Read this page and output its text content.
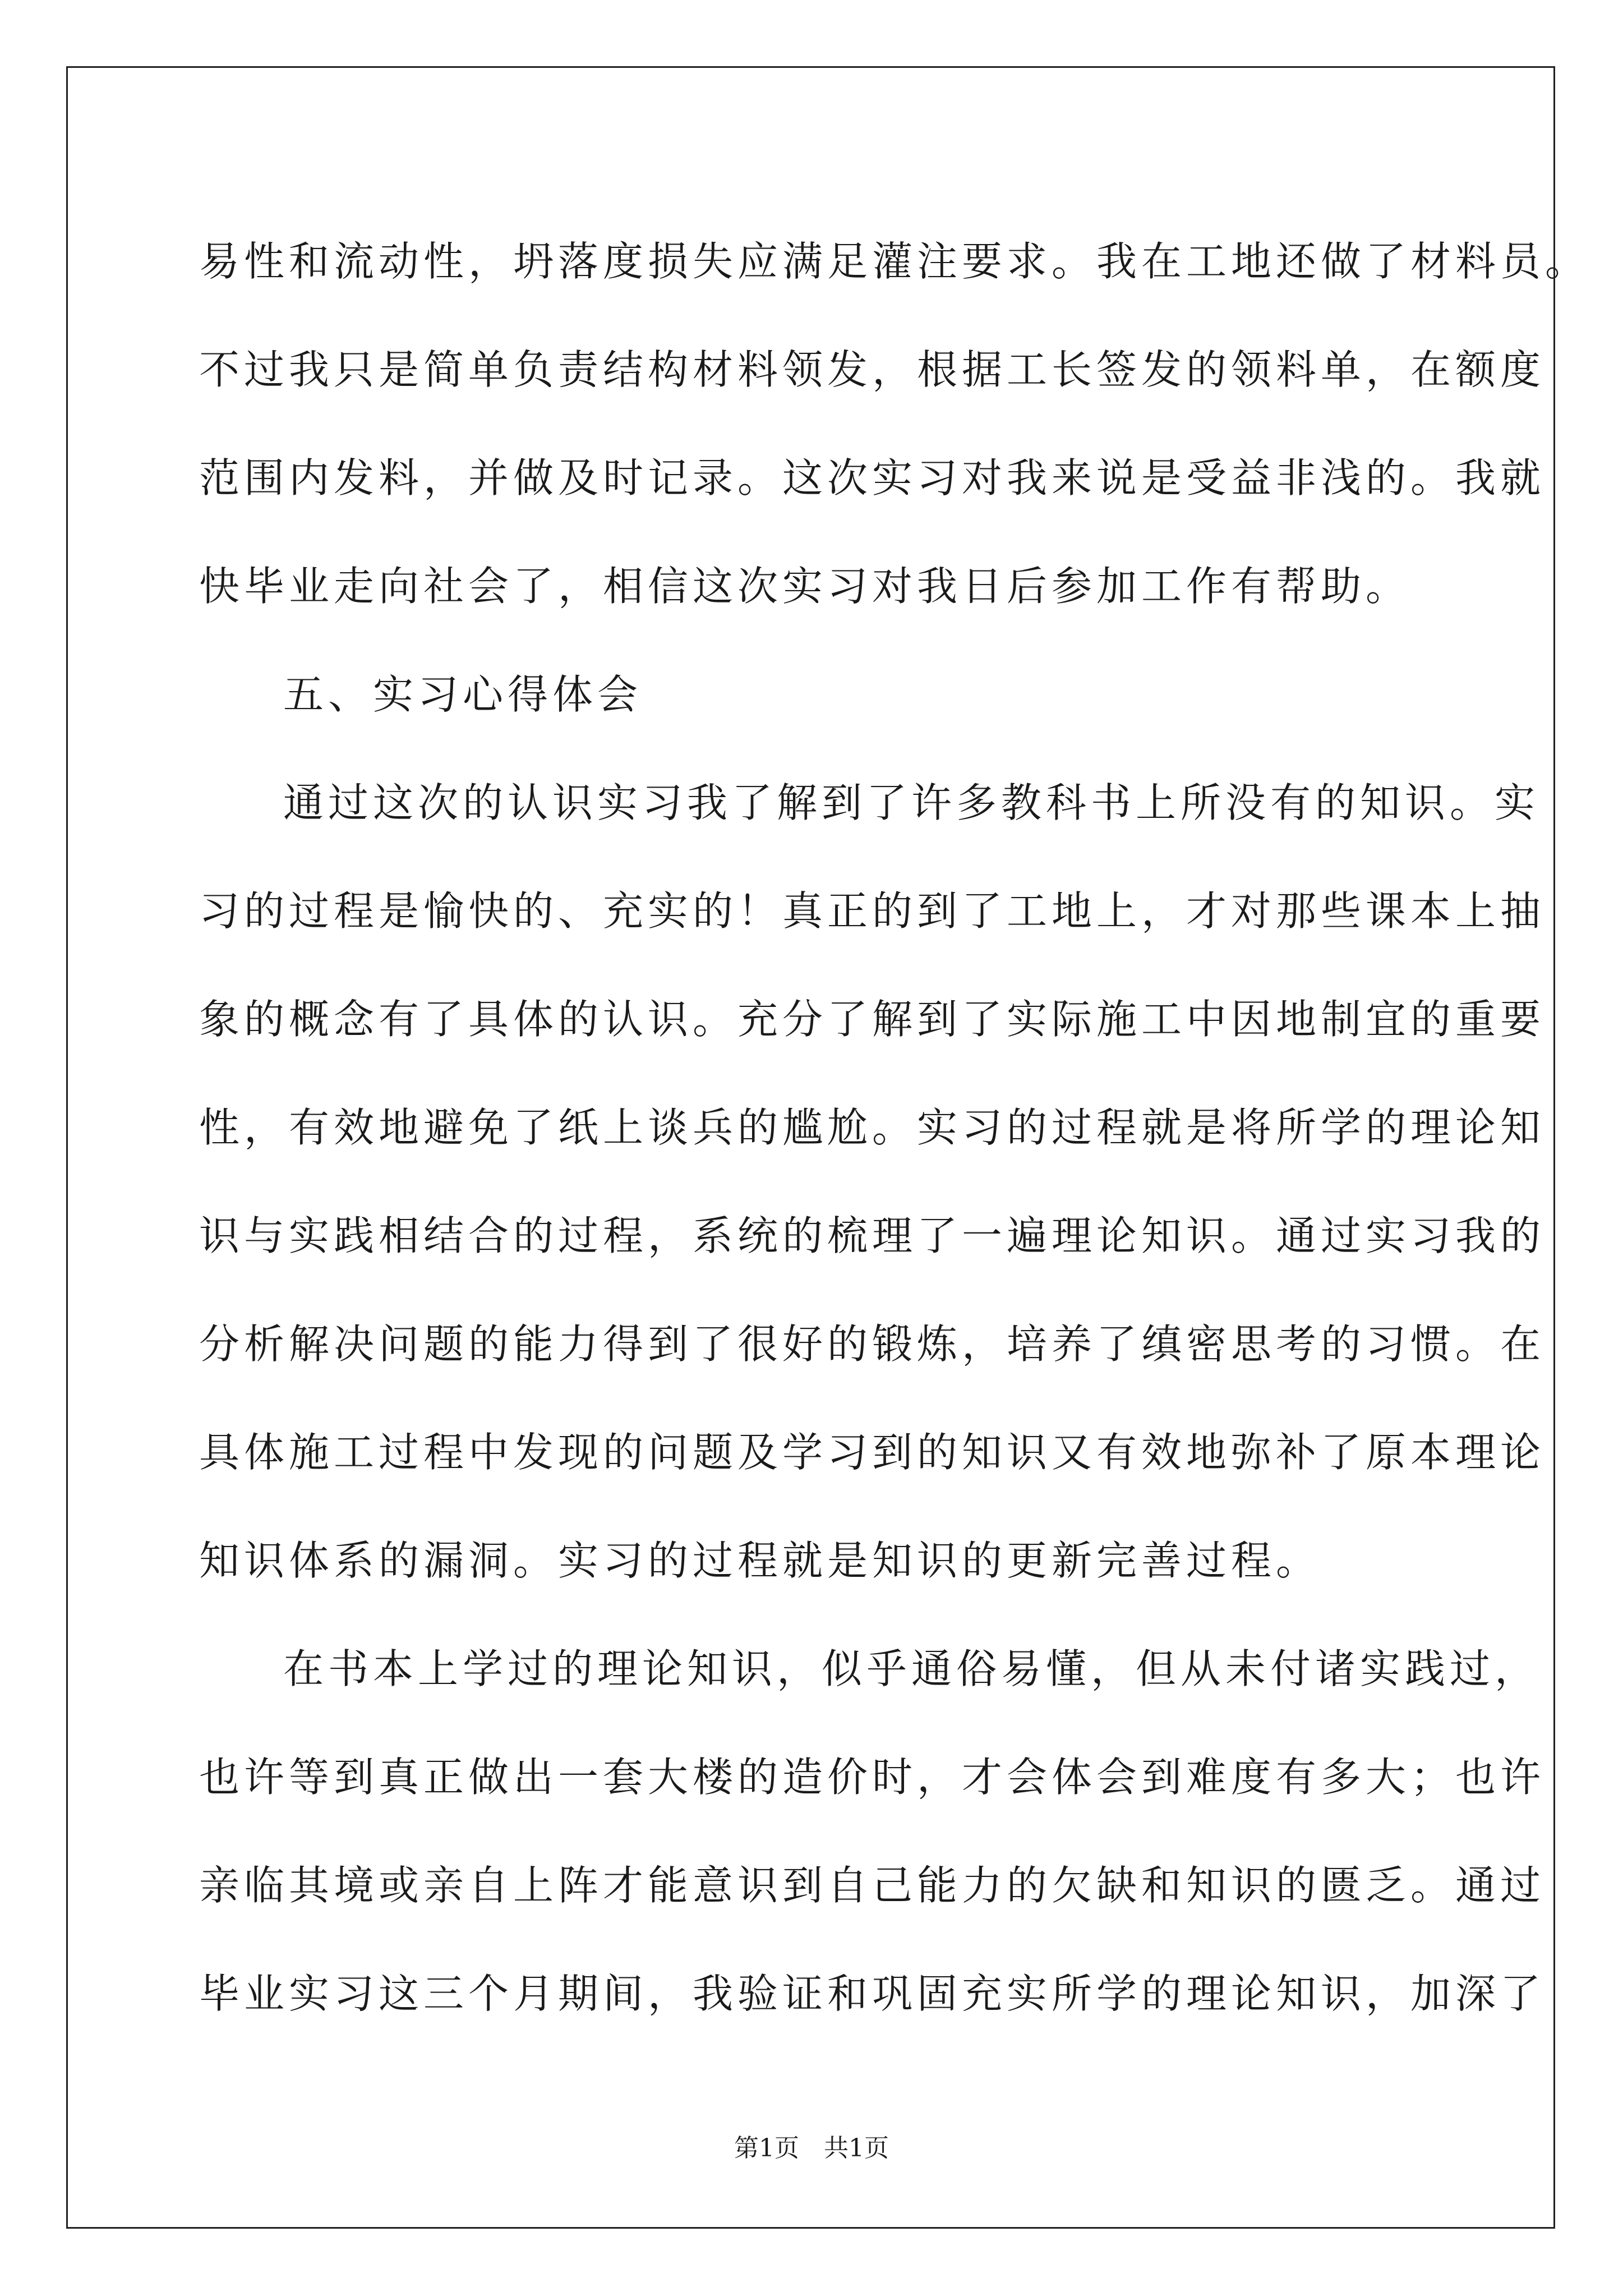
易性和流动性，坍落度损失应满足灌注要求。我在工地还做了材料员。
不过我只是简单负责结构材料领发，根据工长签发的领料单，在额度
范围内发料，并做及时记录。这次实习对我来说是受益非浅的。我就
快毕业走向社会了，相信这次实习对我日后参加工作有帮助。
五、实习心得体会
通过这次的认识实习我了解到了许多教科书上所没有的知识。实
习的过程是愉快的、充实的！真正的到了工地上，才对那些课本上抽
象的概念有了具体的认识。充分了解到了实际施工中因地制宜的重要
性，有效地避免了纸上谈兵的尴尬。实习的过程就是将所学的理论知
识与实践相结合的过程，系统的梳理了一遍理论知识。通过实习我的
分析解决问题的能力得到了很好的锻炼，培养了缜密思考的习惯。在
具体施工过程中发现的问题及学习到的知识又有效地弥补了原本理论
知识体系的漏洞。实习的过程就是知识的更新完善过程。
在书本上学过的理论知识，似乎通俗易懂，但从未付诸实践过，
也许等到真正做出一套大楼的造价时，才会体会到难度有多大；也许
亲临其境或亲自上阵才能意识到自己能力的欠缺和知识的匮乏。通过
毕业实习这三个月期间，我验证和巩固充实所学的理论知识，加深了
第1页　共1页
